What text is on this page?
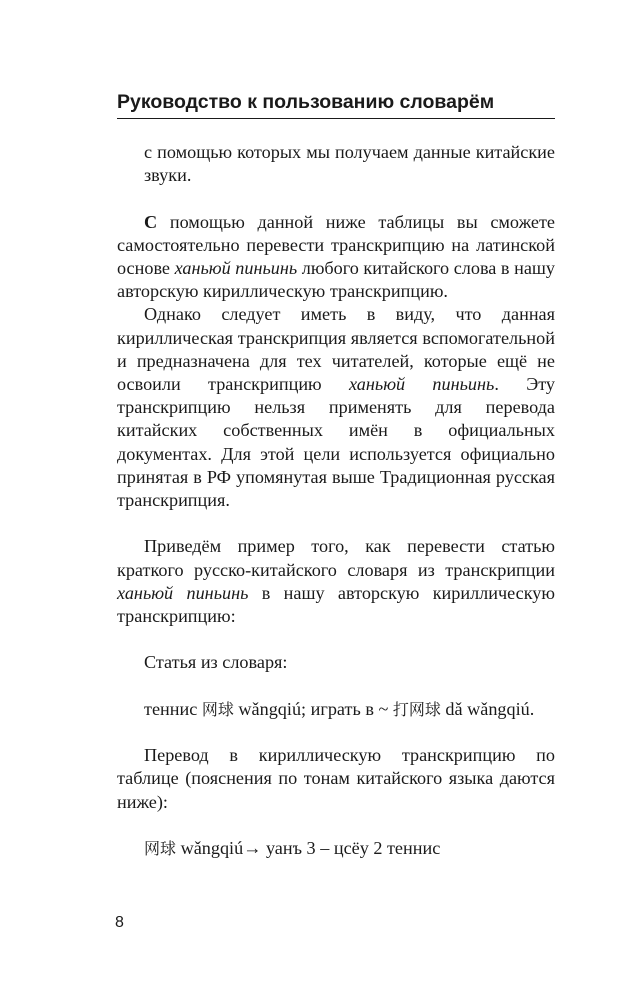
Руководство к пользованию словарём

с помощью которых мы получаем данные китайские звуки.

С помощью данной ниже таблицы вы сможете самостоятельно перевести транскрипцию на латинской основе ханьюй пиньинь любого китайского слова в нашу авторскую кириллическую транскрипцию.

Однако следует иметь в виду, что данная кириллическая транскрипция является вспомогательной и предназначена для тех читателей, которые ещё не освоили транскрипцию ханьюй пиньинь. Эту транскрипцию нельзя применять для перевода китайских собственных имён в официальных документах. Для этой цели используется официально принятая в РФ упомянутая выше Традиционная русская транскрипция.

Приведём пример того, как перевести статью краткого русско-китайского словаря из транскрипции ханьюй пиньинь в нашу авторскую кириллическую транскрипцию:

Статья из словаря:

теннис 网球 wǎngqiú; играть в ~ 打网球 dǎ wǎngqiú.

Перевод в кириллическую транскрипцию по таблице (пояснения по тонам китайского языка даются ниже):

网球 wǎngqiú→ уанъ 3 – цсёу 2 теннис

8
